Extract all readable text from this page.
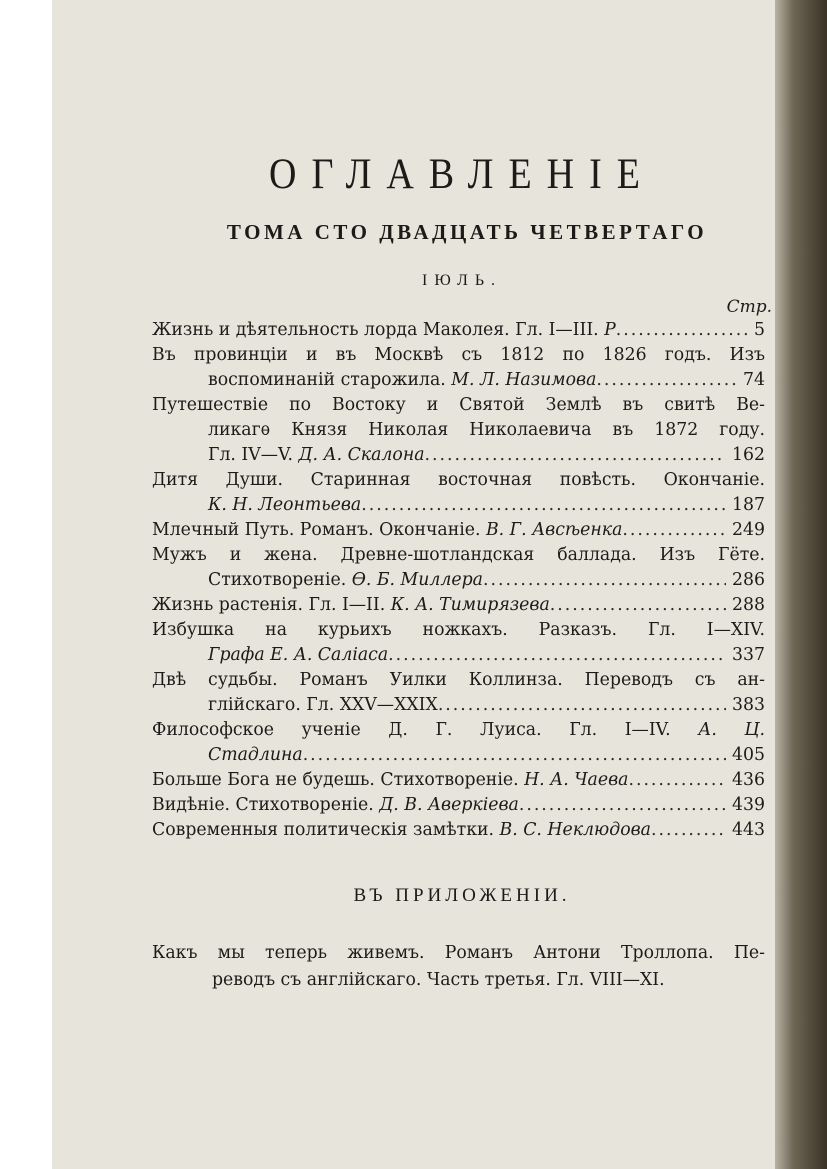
ОГЛАВЛЕНІЕ
ТОМА СТО ДВАДЦАТЬ ЧЕТВЕРТАГО
ІЮЛЬ.
Стр.
Жизнь и дѣятельность лорда Маколея. Гл. I—III. Р .....	5
Въ провинціи и въ Москвѣ съ 1812 по 1826 годъ. Изъ
воспоминаній старожила. М. Л. Назимова .....	74
Путешествіе по Востоку и Святой Землѣ въ свитѣ Ве-
ликагѳ Князя Николая Николаевича въ 1872 году.
Гл. IV—V. Д. А. Скалона .....	162
Дитя Души. Старинная восточная повѣсть. Окончаніе.
К. Н. Леонтьева .....	187
Млечный Путь. Романъ. Окончаніе. В. Г. Авсѣенка .....	249
Мужъ и жена. Древне-шотландская баллада. Изъ Гёте.
Стихотвореніе. Ѳ. Б. Миллера .....	286
Жизнь растенія. Гл. I—II. К. А. Тимирязева .....	288
Избушка на курьихъ ножкахъ. Разказъ. Гл. I—XIV.
Графа Е. А. Саліаса .....	337
Двѣ судьбы. Романъ Уилки Коллинза. Переводъ съ ан-
глійскаго. Гл. XXV—XXIX .....	383
Философское ученіе Д. Г. Луиса. Гл. I—IV. А. Ц.
Стадлина .....	405
Больше Бога не будешь. Стихотвореніе. Н. А. Чаева .....	436
Видѣніе. Стихотвореніе. Д. В. Аверкіева .....	439
Современныя политическія замѣтки. В. С. Неклюдова .....	443
ВЪ ПРИЛОЖЕНІИ.
Какъ мы теперь живемъ. Романъ Антони Троллопа. Пе-
реводъ съ англійскаго. Часть третья. Гл. VIII—XI.
